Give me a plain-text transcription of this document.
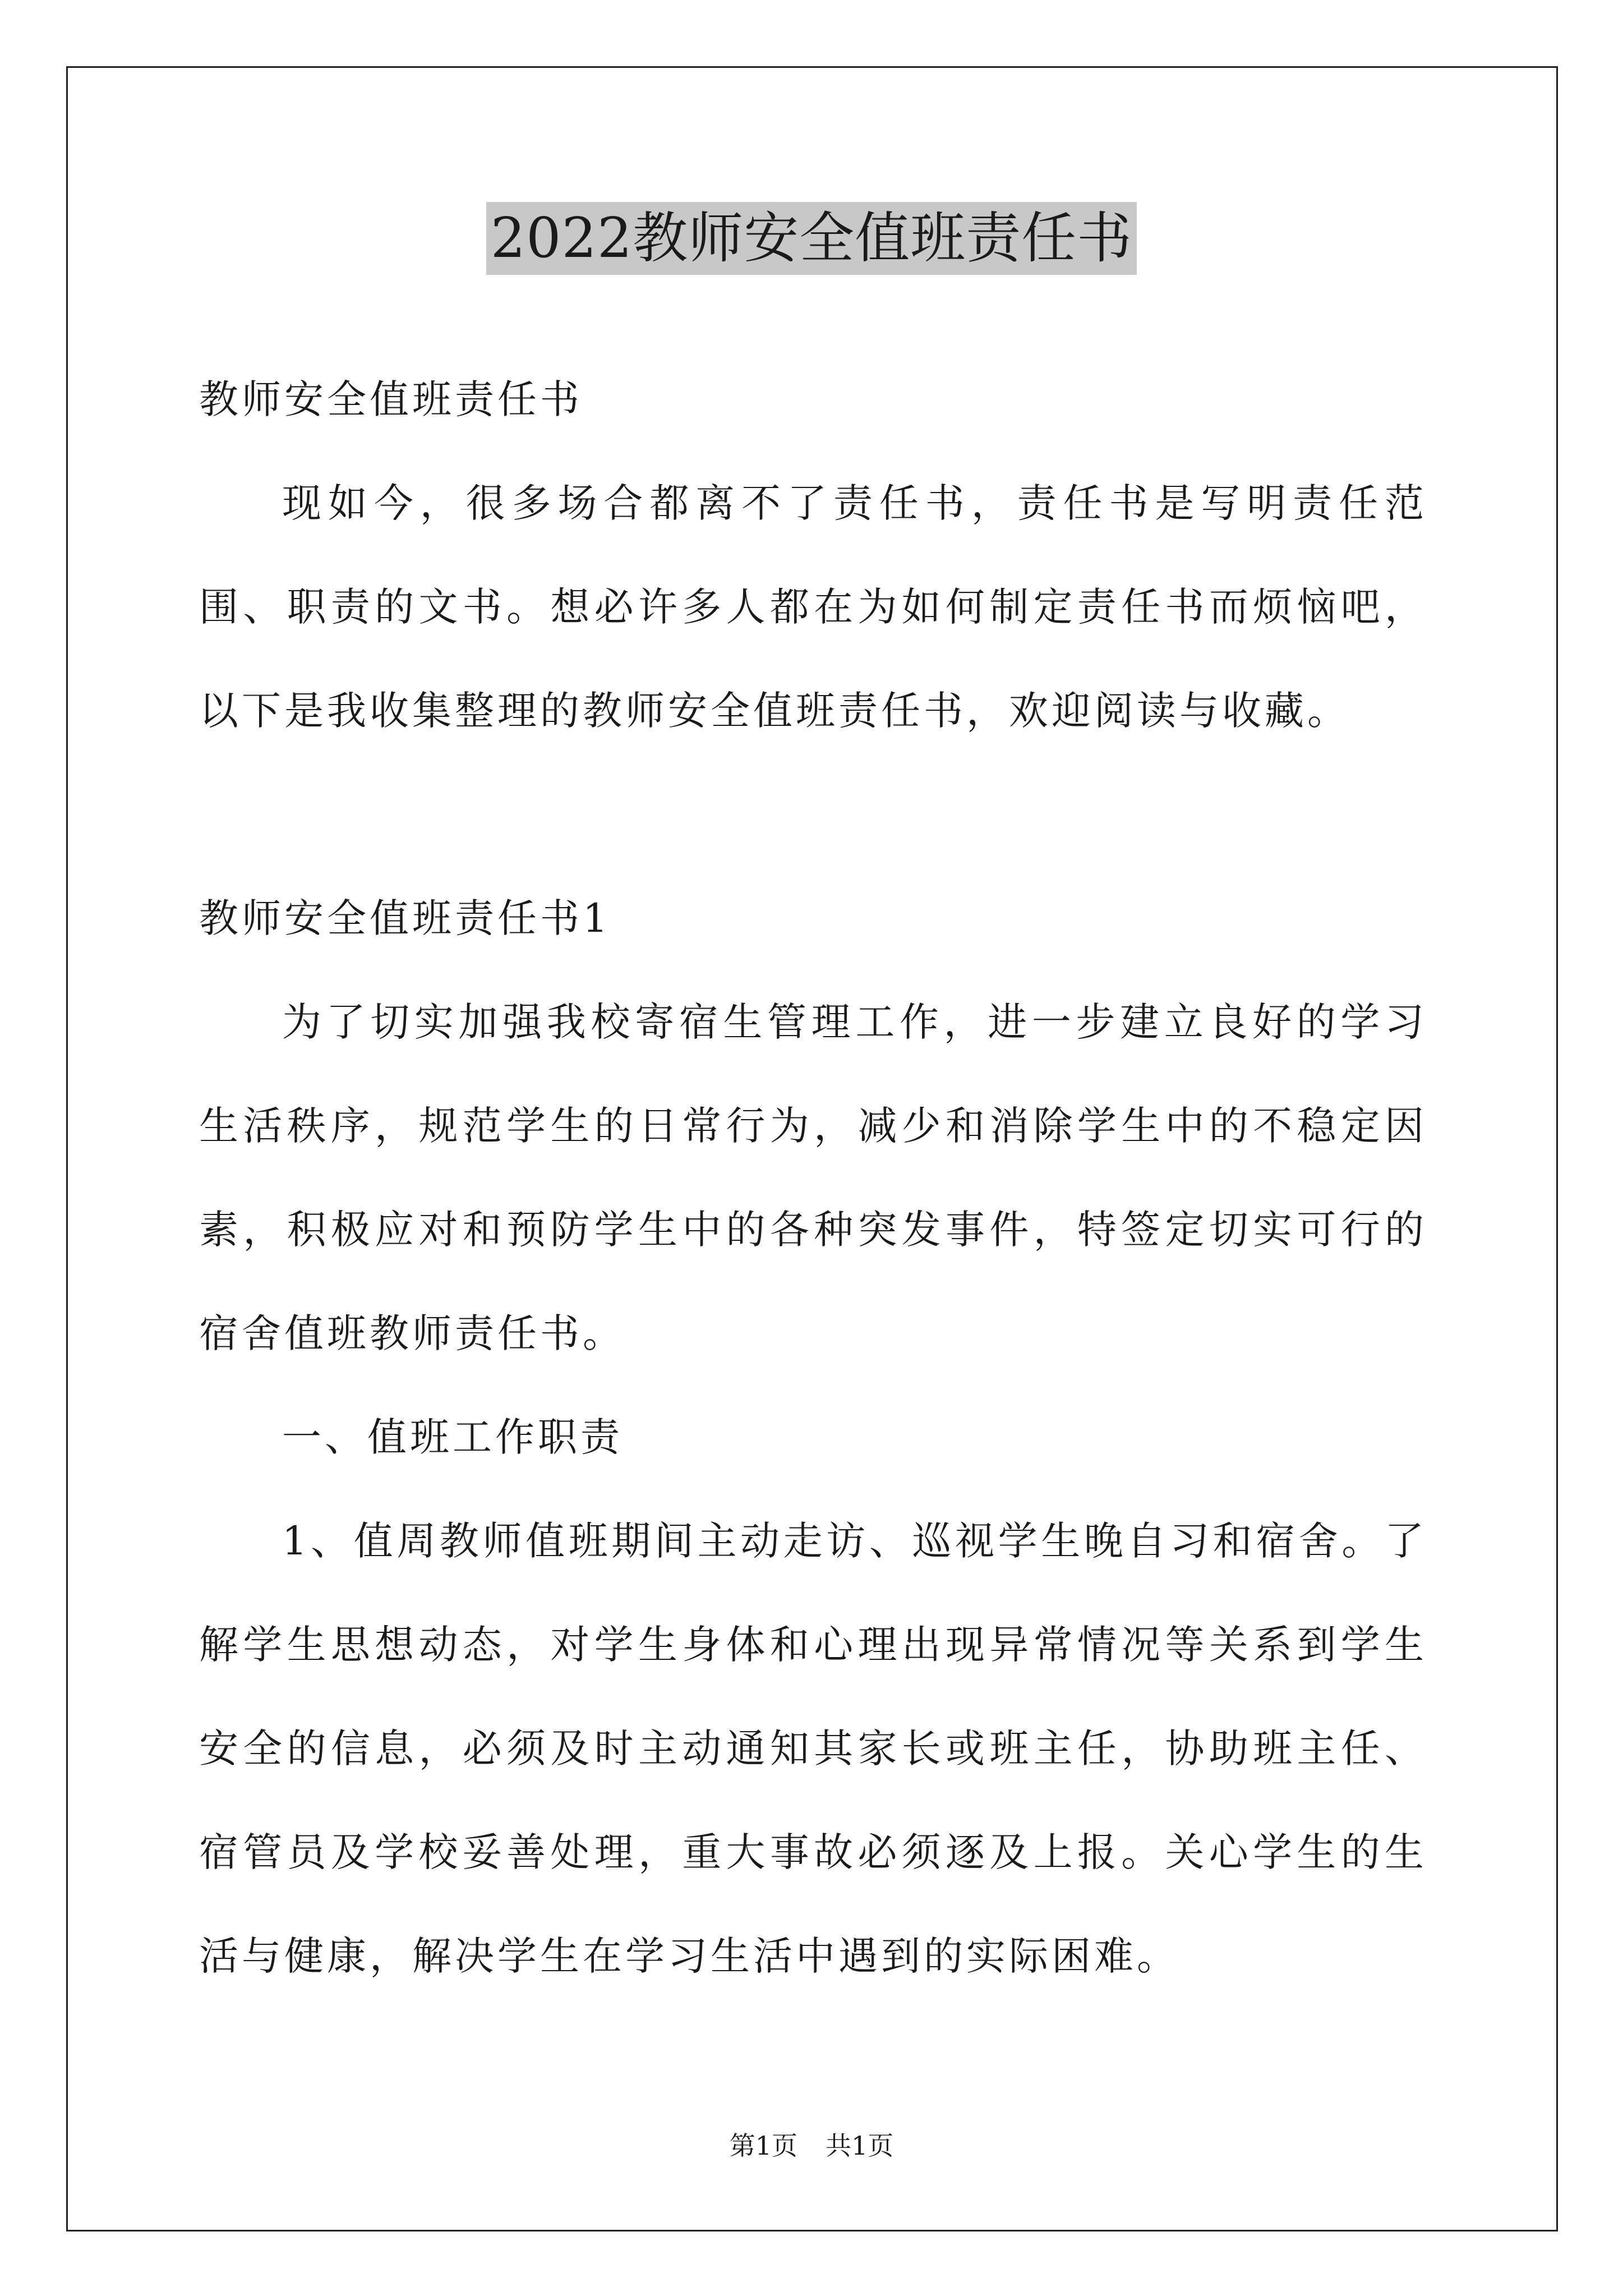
2022教师安全值班责任书

教师安全值班责任书

现如今，很多场合都离不了责任书，责任书是写明责任范围、职责的文书。想必许多人都在为如何制定责任书而烦恼吧，以下是我收集整理的教师安全值班责任书，欢迎阅读与收藏。

教师安全值班责任书1

为了切实加强我校寄宿生管理工作，进一步建立良好的学习生活秩序，规范学生的日常行为，减少和消除学生中的不稳定因素，积极应对和预防学生中的各种突发事件，特签定切实可行的宿舍值班教师责任书。

一、值班工作职责

1、值周教师值班期间主动走访、巡视学生晚自习和宿舍。了解学生思想动态，对学生身体和心理出现异常情况等关系到学生安全的信息，必须及时主动通知其家长或班主任，协助班主任、宿管员及学校妥善处理，重大事故必须逐及上报。关心学生的生活与健康，解决学生在学习生活中遇到的实际困难。

第1页 共1页
